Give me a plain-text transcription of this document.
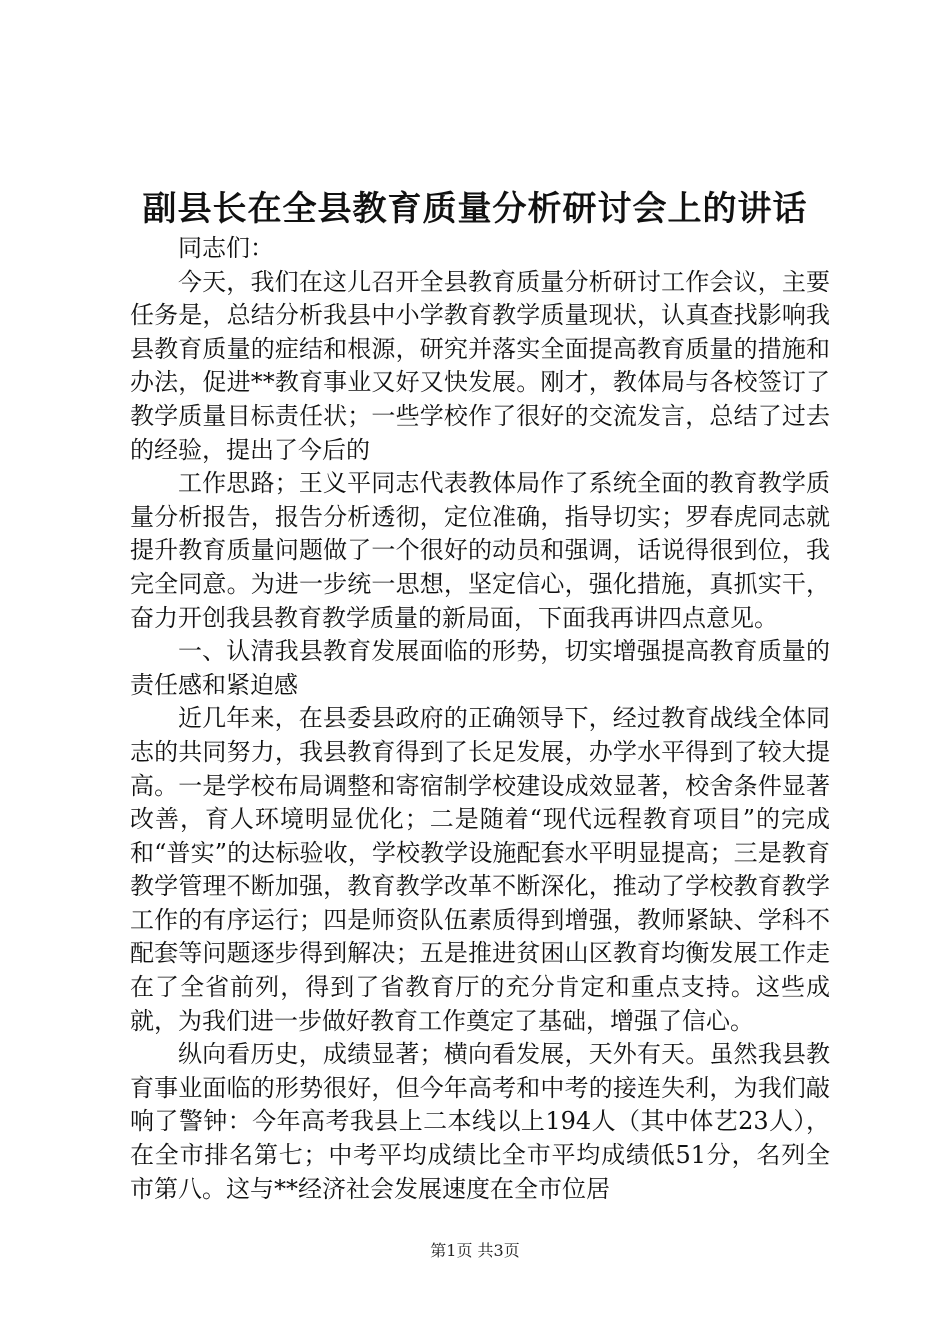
副县长在全县教育质量分析研讨会上的讲话

同志们：

今天，我们在这儿召开全县教育质量分析研讨工作会议，主要任务是，总结分析我县中小学教育教学质量现状，认真查找影响我县教育质量的症结和根源，研究并落实全面提高教育质量的措施和办法，促进**教育事业又好又快发展。刚才，教体局与各校签订了教学质量目标责任状；一些学校作了很好的交流发言，总结了过去的经验，提出了今后的

工作思路；王义平同志代表教体局作了系统全面的教育教学质量分析报告，报告分析透彻，定位准确，指导切实；罗春虎同志就提升教育质量问题做了一个很好的动员和强调，话说得很到位，我完全同意。为进一步统一思想，坚定信心，强化措施，真抓实干，奋力开创我县教育教学质量的新局面，下面我再讲四点意见。

一、认清我县教育发展面临的形势，切实增强提高教育质量的责任感和紧迫感

近几年来，在县委县政府的正确领导下，经过教育战线全体同志的共同努力，我县教育得到了长足发展，办学水平得到了较大提高。一是学校布局调整和寄宿制学校建设成效显著，校舍条件显著改善，育人环境明显优化；二是随着“现代远程教育项目”的完成和“普实”的达标验收，学校教学设施配套水平明显提高；三是教育教学管理不断加强，教育教学改革不断深化，推动了学校教育教学工作的有序运行；四是师资队伍素质得到增强，教师紧缺、学科不配套等问题逐步得到解决；五是推进贫困山区教育均衡发展工作走在了全省前列，得到了省教育厅的充分肯定和重点支持。这些成就，为我们进一步做好教育工作奠定了基础，增强了信心。

纵向看历史，成绩显著；横向看发展，天外有天。虽然我县教育事业面临的形势很好，但今年高考和中考的接连失利，为我们敲响了警钟：今年高考我县上二本线以上194人（其中体艺23人），在全市排名第七；中考平均成绩比全市平均成绩低51分，名列全市第八。这与**经济社会发展速度在全市位居

第1页 共3页
